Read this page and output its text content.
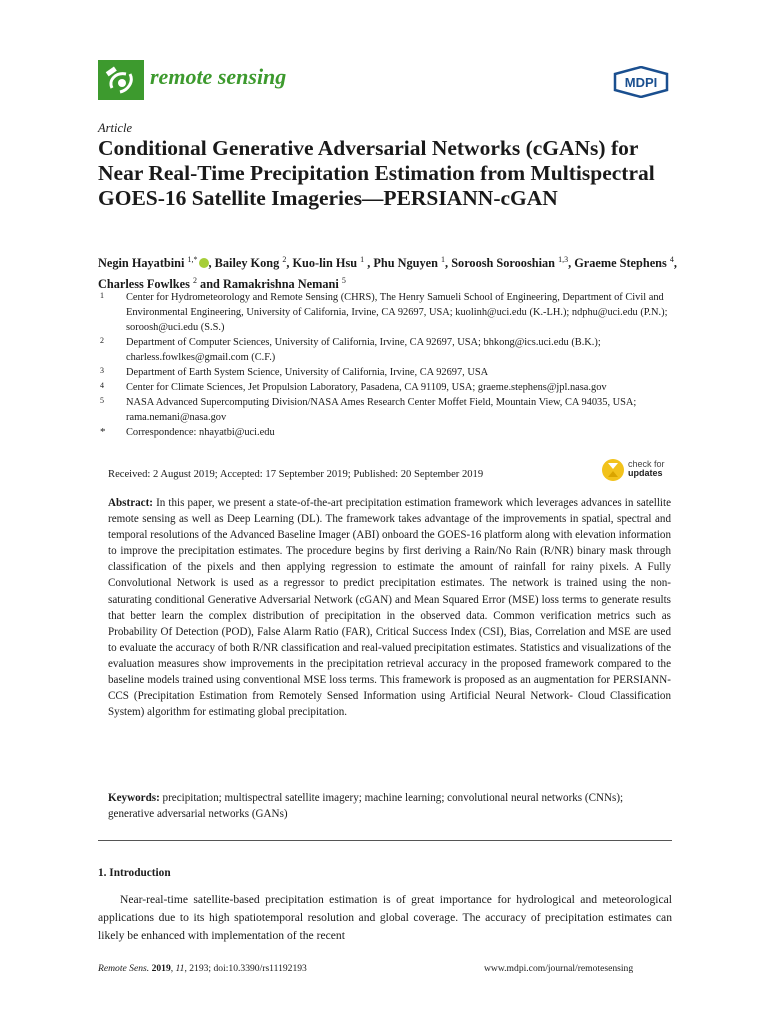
remote sensing	MDPI
Article
Conditional Generative Adversarial Networks (cGANs) for Near Real-Time Precipitation Estimation from Multispectral GOES-16 Satellite Imageries—PERSIANN-cGAN
Negin Hayatbini $^{1,*}$ , Bailey Kong $^2$, Kuo-lin Hsu $^1$ , Phu Nguyen $^1$, Soroosh Sorooshian $^{1,3}$, Graeme Stephens $^4$, Charless Fowlkes $^2$ and Ramakrishna Nemani $^5$
1	Center for Hydrometeorology and Remote Sensing (CHRS), The Henry Samueli School of Engineering, Department of Civil and Environmental Engineering, University of California, Irvine, CA 92697, USA; kuolinh@uci.edu (K.-LH.); ndphu@uci.edu (P.N.); soroosh@uci.edu (S.S.)
2	Department of Computer Sciences, University of California, Irvine, CA 92697, USA; bhkong@ics.uci.edu (B.K.); charless.fowlkes@gmail.com (C.F.)
3	Department of Earth System Science, University of California, Irvine, CA 92697, USA
4	Center for Climate Sciences, Jet Propulsion Laboratory, Pasadena, CA 91109, USA; graeme.stephens@jpl.nasa.gov
5	NASA Advanced Supercomputing Division/NASA Ames Research Center Moffet Field, Mountain View, CA 94035, USA; rama.nemani@nasa.gov
*	Correspondence: nhayatbi@uci.edu
Received: 2 August 2019; Accepted: 17 September 2019; Published: 20 September 2019
check for
updates

Abstract: In this paper, we present a state-of-the-art precipitation estimation framework which leverages advances in satellite remote sensing as well as Deep Learning (DL). The framework takes advantage of the improvements in spatial, spectral and temporal resolutions of the Advanced Baseline Imager (ABI) onboard the GOES-16 platform along with elevation information to improve the precipitation estimates. The procedure begins by first deriving a Rain/No Rain (R/NR) binary mask through classification of the pixels and then applying regression to estimate the amount of rainfall for rainy pixels. A Fully Convolutional Network is used as a regressor to predict precipitation estimates. The network is trained using the non-saturating conditional Generative Adversarial Network (cGAN) and Mean Squared Error (MSE) loss terms to generate results that better learn the complex distribution of precipitation in the observed data. Common verification metrics such as Probability Of Detection (POD), False Alarm Ratio (FAR), Critical Success Index (CSI), Bias, Correlation and MSE are used to evaluate the accuracy of both R/NR classification and real-valued precipitation estimates. Statistics and visualizations of the evaluation measures show improvements in the precipitation retrieval accuracy in the proposed framework compared to the baseline models trained using conventional MSE loss terms. This framework is proposed as an augmentation for PERSIANN-CCS (Precipitation Estimation from Remotely Sensed Information using Artificial Neural Network- Cloud Classification System) algorithm for estimating global precipitation.

Keywords: precipitation; multispectral satellite imagery; machine learning; convolutional neural networks (CNNs); generative adversarial networks (GANs)

1. Introduction

Near-real-time satellite-based precipitation estimation is of great importance for hydrological and meteorological applications due to its high spatiotemporal resolution and global coverage. The accuracy of precipitation estimates can likely be enhanced with implementation of the recent

Remote Sens. 2019, 11, 2193; doi:10.3390/rs11192193	www.mdpi.com/journal/remotesensing
